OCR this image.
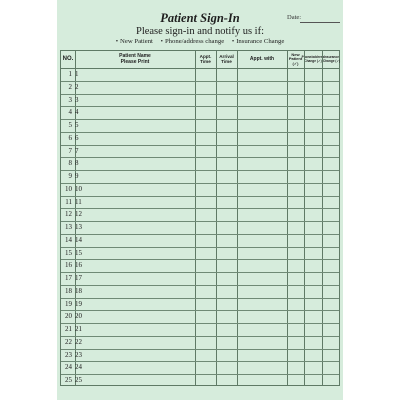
Patient Sign-In	Date:
Please sign-in and notify us if:
• New Patient • Phone/address change • Insurance Change
NO.
Patient Name
Please Print
Appt.
Time
Arrival
Time	Appt. with
New
Patient
(✓)
Phone/address
Change (✓)
Insurance
Change (✓)
1 1
2 2
3 3
4 4
5 5
6 6
7 7
8 8
9 9
10 10
11 11
12 12
13 13
14 14
15 15
16 16
17 17
18 18
19 19
20 20
21 21
22 22
23 23
24 24
25 25
